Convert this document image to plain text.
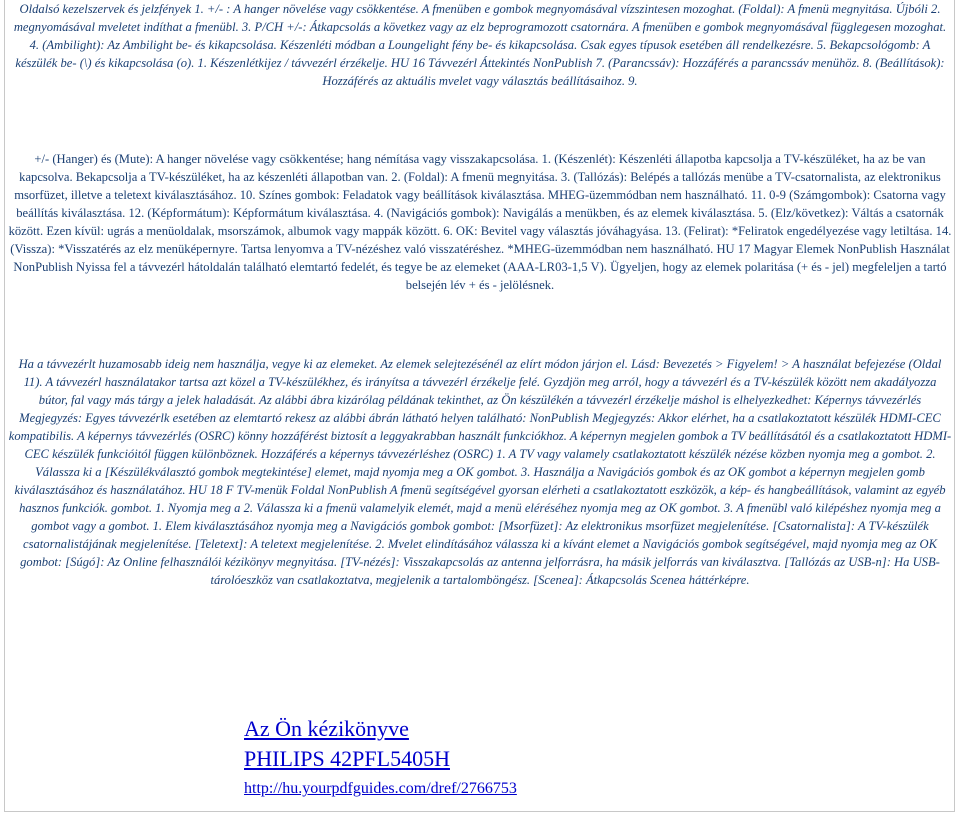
Oldalsó kezelszervek és jelzfények 1. +/- : A hanger növelése vagy csökkentése. A fmenüben e gombok megnyomásával vízszintesen mozoghat. (Foldal): A fmenü megnyitása. Újbóli 2. megnyomásával mveletet indíthat a fmenübl. 3. P/CH +/-: Átkapcsolás a következ vagy az elz beprogramozott csatornára. A fmenüben e gombok megnyomásával függlegesen mozoghat. 4. (Ambilight): Az Ambilight be- és kikapcsolása. Készenléti módban a Loungelight fény be- és kikapcsolása. Csak egyes típusok esetében áll rendelkezésre. 5. Bekapcsológomb: A készülék be- (\) és kikapcsolása (o). 1. Készenlétkijez / távvezérl érzékelje. HU 16 Távvezérl Áttekintés NonPublish 7. (Parancssáv): Hozzáférés a parancssáv menühöz. 8. (Beállítások): Hozzáférés az aktuális mvelet vagy választás beállításaihoz. 9.

+/- (Hanger) és (Mute): A hanger növelése vagy csökkentése; hang némítása vagy visszakapcsolása. 1. (Készenlét): Készenléti állapotba kapcsolja a TV-készüléket, ha az be van kapcsolva. Bekapcsolja a TV-készüléket, ha az készenléti állapotban van. 2. (Foldal): A fmenü megnyitása. 3. (Tallózás): Belépés a tallózás menübe a TV-csatornalista, az elektronikus msorfüzet, illetve a teletext kiválasztásához. 10. Színes gombok: Feladatok vagy beállítások kiválasztása. MHEG-üzemmódban nem használható. 11. 0-9 (Számgombok): Csatorna vagy beállítás kiválasztása. 12. (Képformátum): Képformátum kiválasztása. 4. (Navigációs gombok): Navigálás a menükben, és az elemek kiválasztása. 5. (Elz/következ): Váltás a csatornák között. Ezen kívül: ugrás a menüoldalak, msorszámok, albumok vagy mappák között. 6. OK: Bevitel vagy választás jóváhagyása. 13. (Felirat): *Feliratok engedélyezése vagy letiltása. 14. (Vissza): *Visszatérés az elz menüképernyre. Tartsa lenyomva a TV-nézéshez való visszatéréshez. *MHEG-üzemmódban nem használható. HU 17 Magyar Elemek NonPublish Használat NonPublish Nyissa fel a távvezérl hátoldalán található elemtartó fedelét, és tegye be az elemeket (AAA-LR03-1,5 V). Ügyeljen, hogy az elemek polaritása (+ és - jel) megfeleljen a tartó belsején lév + és - jelölésnek.

Ha a távvezérlt huzamosabb ideig nem használja, vegye ki az elemeket. Az elemek selejtezésénél az elírt módon járjon el. Lásd: Bevezetés > Figyelem! > A használat befejezése (Oldal 11). A távvezérl használatakor tartsa azt közel a TV-készülékhez, és irányítsa a távvezérl érzékelje felé. Gyzdjön meg arról, hogy a távvezérl és a TV-készülék között nem akadályozza bútor, fal vagy más tárgy a jelek haladását. Az alábbi ábra kizárólag példának tekinthet, az Ön készülékén a távvezérl érzékelje máshol is elhelyezkedhet: Képernys távvezérlés Megjegyzés: Egyes távvezérlk esetében az elemtartó rekesz az alábbi ábrán látható helyen található: NonPublish Megjegyzés: Akkor elérhet, ha a csatlakoztatott készülék HDMI-CEC kompatibilis. A képernys távvezérlés (OSRC) könny hozzáférést biztosít a leggyakrabban használt funkciókhoz. A képernyn megjelen gombok a TV beállításától és a csatlakoztatott HDMI-CEC készülék funkcióitól függen különböznek. Hozzáférés a képernys távvezérléshez (OSRC) 1. A TV vagy valamely csatlakoztatott készülék nézése közben nyomja meg a gombot. 2. Válassza ki a [Készülékválasztó gombok megtekintése] elemet, majd nyomja meg a OK gombot. 3. Használja a Navigációs gombok és az OK gombot a képernyn megjelen gomb kiválasztásához és használatához. HU 18 F TV-menük Foldal NonPublish A fmenü segítségével gyorsan elérheti a csatlakoztatott eszközök, a kép- és hangbeállítások, valamint az egyéb hasznos funkciók. gombot. 1. Nyomja meg a 2. Válassza ki a fmenü valamelyik elemét, majd a menü eléréséhez nyomja meg az OK gombot. 3. A fmenübl való kilépéshez nyomja meg a gombot vagy a gombot. 1. Elem kiválasztásához nyomja meg a Navigációs gombok gombot: [Msorfüzet]: Az elektronikus msorfüzet megjelenítése. [Csatornalista]: A TV-készülék csatornalistájának megjelenítése. [Teletext]: A teletext megjelenítése. 2. Mvelet elindításához válassza ki a kívánt elemet a Navigációs gombok segítségével, majd nyomja meg az OK gombot: [Súgó]: Az Online felhasználói kézikönyv megnyitása. [TV-nézés]: Visszakapcsolás az antenna jelforrásra, ha másik jelforrás van kiválasztva. [Tallózás az USB-n]: Ha USB-tárolóeszköz van csatlakoztatva, megjelenik a tartalomböngész. [Scenea]: Átkapcsolás Scenea háttérképre.

Az Ön kézikönyve
PHILIPS 42PFL5405H
http://hu.yourpdfguides.com/dref/2766753
